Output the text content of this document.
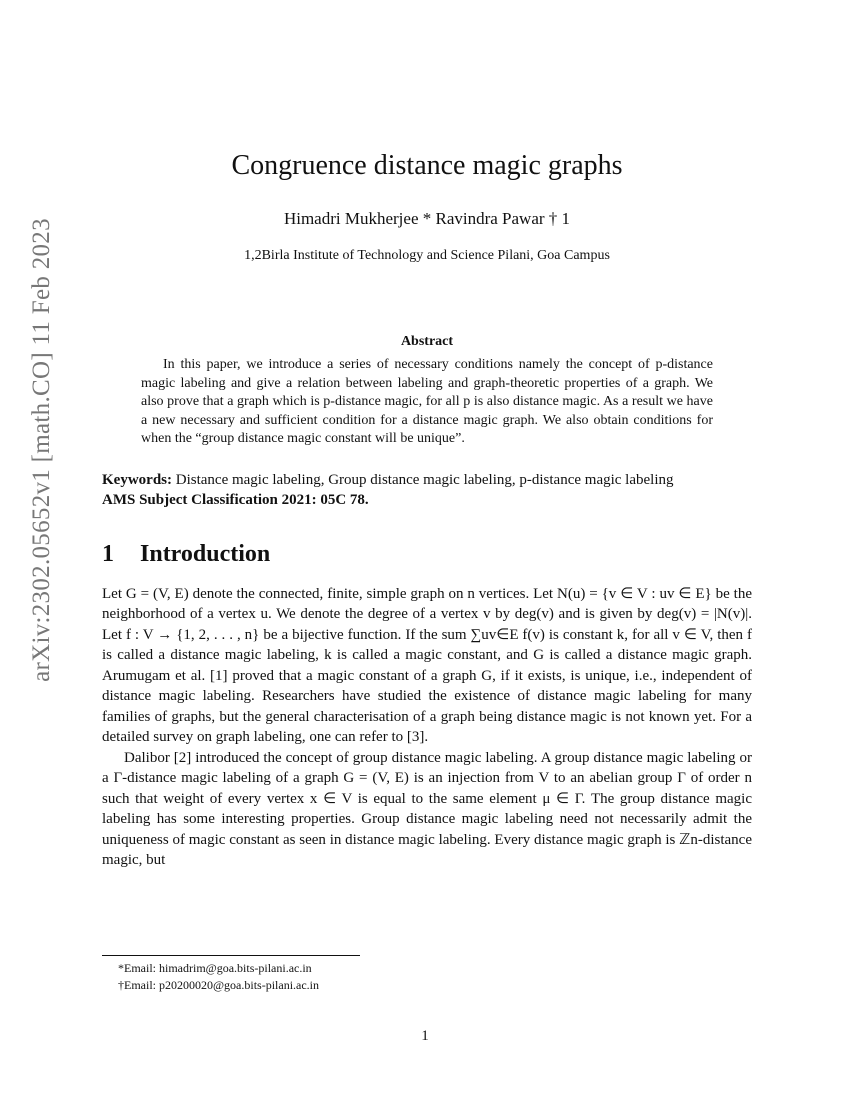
arXiv:2302.05652v1 [math.CO] 11 Feb 2023
Congruence distance magic graphs
Himadri Mukherjee * Ravindra Pawar † 1
1,2Birla Institute of Technology and Science Pilani, Goa Campus
Abstract

In this paper, we introduce a series of necessary conditions namely the concept of p-distance magic labeling and give a relation between labeling and graph-theoretic properties of a graph. We also prove that a graph which is p-distance magic, for all p is also distance magic. As a result we have a new necessary and sufficient condition for a distance magic graph. We also obtain conditions for when the “group distance magic constant will be unique”.

Keywords: Distance magic labeling, Group distance magic labeling, p-distance magic labeling
AMS Subject Classification 2021: 05C 78.
1 Introduction

Let G = (V, E) denote the connected, finite, simple graph on n vertices. Let N(u) = {v ∈ V : uv ∈ E} be the neighborhood of a vertex u. We denote the degree of a vertex v by deg(v) and is given by deg(v) = |N(v)|. Let f : V → {1, 2, . . . , n} be a bijective function. If the sum ∑uv∈E f(v) is constant k, for all v ∈ V, then f is called a distance magic labeling, k is called a magic constant, and G is called a distance magic graph. Arumugam et al. [1] proved that a magic constant of a graph G, if it exists, is unique, i.e., independent of distance magic labeling. Researchers have studied the existence of distance magic labeling for many families of graphs, but the general characterisation of a graph being distance magic is not known yet. For a detailed survey on graph labeling, one can refer to [3].

Dalibor [2] introduced the concept of group distance magic labeling. A group distance magic labeling or a Γ-distance magic labeling of a graph G = (V, E) is an injection from V to an abelian group Γ of order n such that weight of every vertex x ∈ V is equal to the same element μ ∈ Γ. The group distance magic labeling has some interesting properties. Group distance magic labeling need not necessarily admit the uniqueness of magic constant as seen in distance magic labeling. Every distance magic graph is ℤn-distance magic, but

*Email: himadrim@goa.bits-pilani.ac.in
†Email: p20200020@goa.bits-pilani.ac.in
1
